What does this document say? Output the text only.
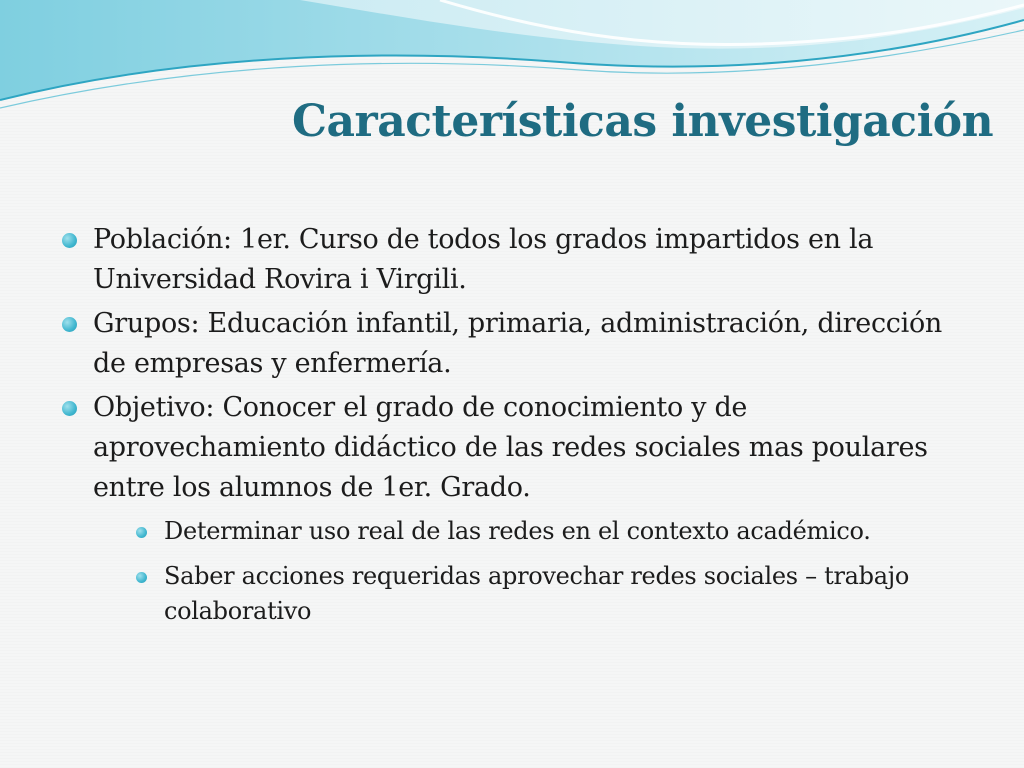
Características investigación
Población: 1er. Curso de todos los grados impartidos en la Universidad Rovira i Virgili.
Grupos: Educación infantil, primaria, administración, dirección de empresas y enfermería.
Objetivo: Conocer el grado de conocimiento y de aprovechamiento didáctico de las redes sociales mas poulares entre los alumnos de 1er. Grado.
Determinar uso real de las redes en el contexto académico.
Saber acciones requeridas aprovechar redes sociales – trabajo colaborativo
